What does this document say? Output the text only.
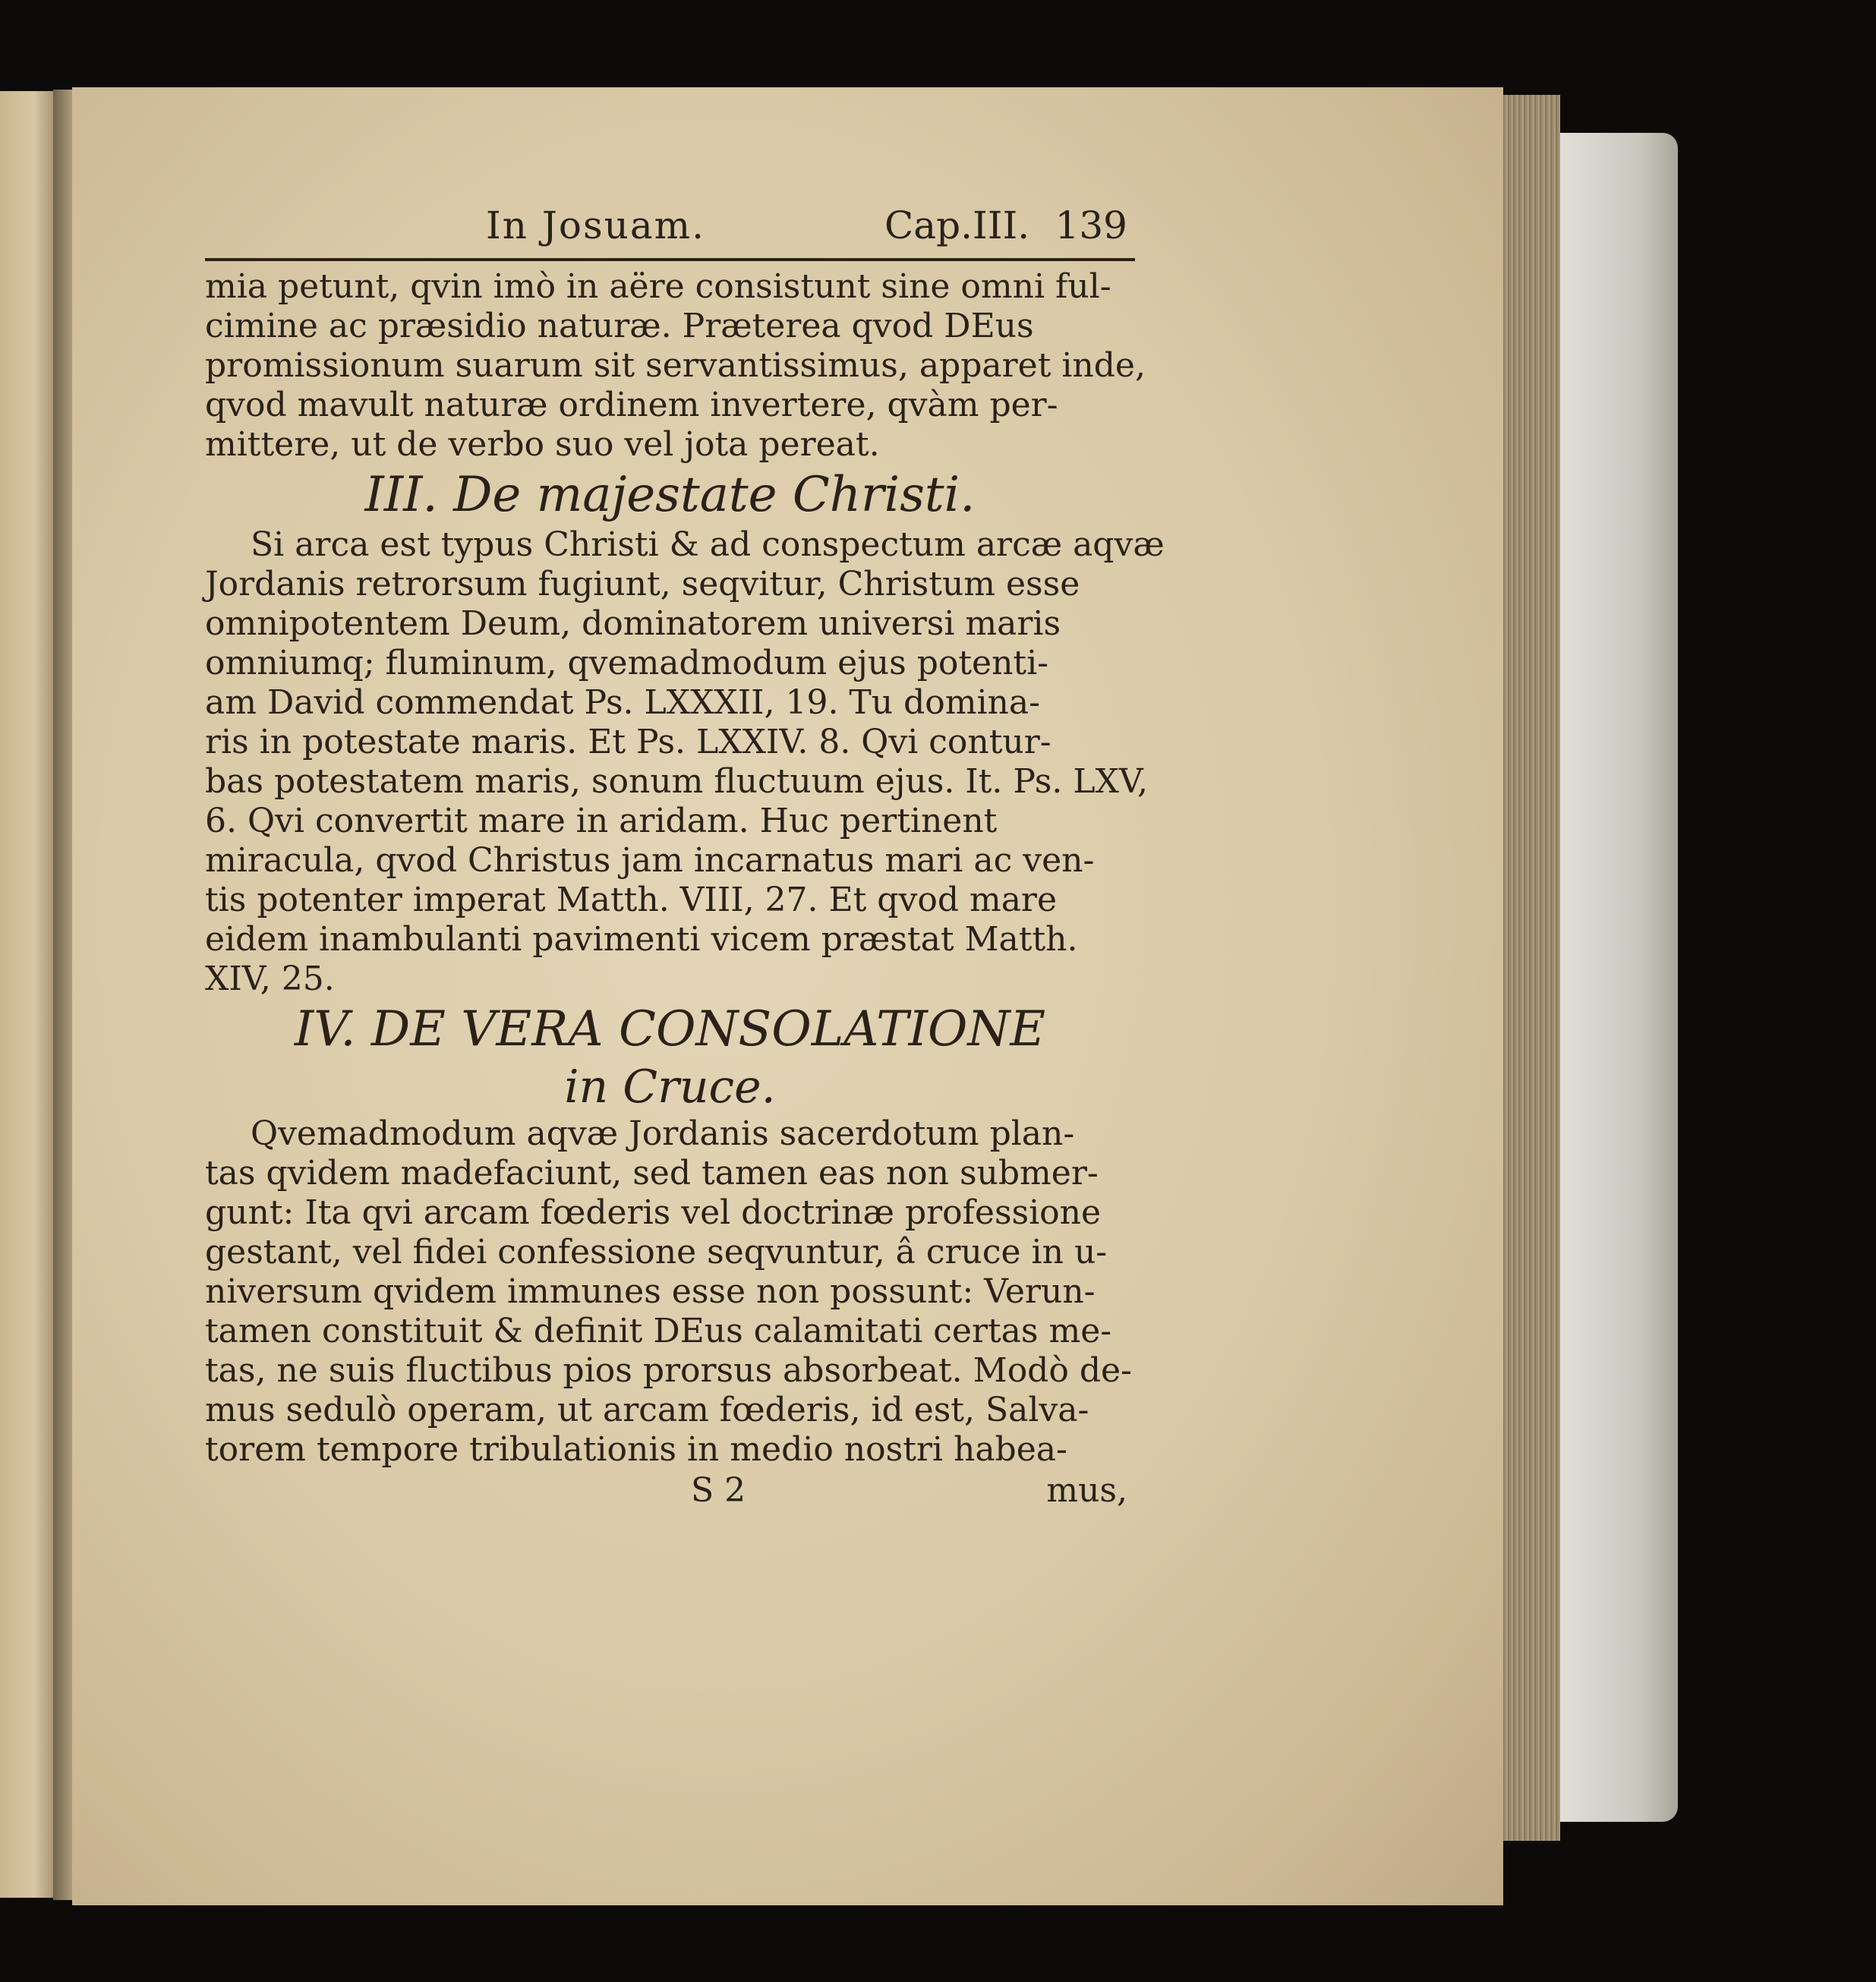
In Josuam.	Cap.III. 139
mia petunt, qvin imò in aëre consistunt sine omni ful-
cimine ac præsidio naturæ. Præterea qvod DEus
promissionum suarum sit servantissimus, apparet inde,
qvod mavult naturæ ordinem invertere, qvàm per-
mittere, ut de verbo suo vel jota pereat.
III. De majestate Christi.
Si arca est typus Christi & ad conspectum arcæ aqvæ
Jordanis retrorsum fugiunt, seqvitur, Christum esse
omnipotentem Deum, dominatorem universi maris
omniumq; fluminum, qvemadmodum ejus potenti-
am David commendat Ps. LXXXII, 19. Tu domina-
ris in potestate maris. Et Ps. LXXIV. 8. Qvi contur-
bas potestatem maris, sonum fluctuum ejus. It. Ps. LXV,
6. Qvi convertit mare in aridam. Huc pertinent
miracula, qvod Christus jam incarnatus mari ac ven-
tis potenter imperat Matth. VIII, 27. Et qvod mare
eidem inambulanti pavimenti vicem præstat Matth.
XIV, 25.
IV. DE VERA CONSOLATIONE
in Cruce.
Qvemadmodum aqvæ Jordanis sacerdotum plan-
tas qvidem madefaciunt, sed tamen eas non submer-
gunt: Ita qvi arcam fœderis vel doctrinæ professione
gestant, vel fidei confessione seqvuntur, â cruce in u-
niversum qvidem immunes esse non possunt: Verun-
tamen constituit & definit DEus calamitati certas me-
tas, ne suis fluctibus pios prorsus absorbeat. Modò de-
mus sedulò operam, ut arcam fœderis, id est, Salva-
torem tempore tribulationis in medio nostri habea-
S 2	mus,
